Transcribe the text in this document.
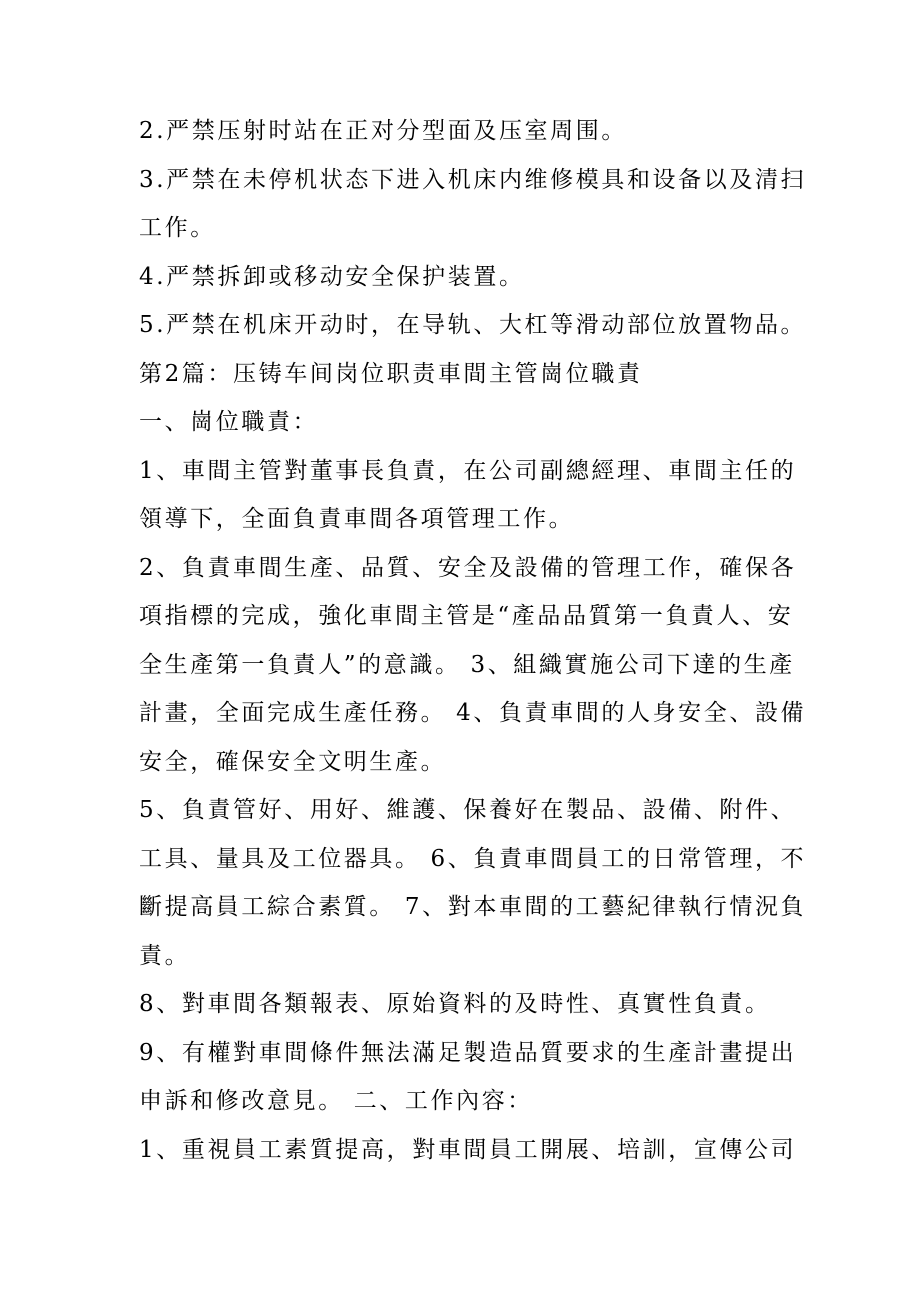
2.严禁压射时站在正对分型面及压室周围。

3.严禁在未停机状态下进入机床内维修模具和设备以及清扫工作。

4.严禁拆卸或移动安全保护装置。

5.严禁在机床开动时，在导轨、大杠等滑动部位放置物品。

第2篇：压铸车间岗位职责車間主管崗位職責

一、崗位職責：

1、車間主管對董事長負責，在公司副總經理、車間主任的領導下，全面負責車間各項管理工作。

2、負責車間生產、品質、安全及設備的管理工作，確保各項指標的完成，強化車間主管是“產品品質第一負責人、安全生產第一負責人”的意識。 3、組織實施公司下達的生產計畫，全面完成生產任務。 4、負責車間的人身安全、設備安全，確保安全文明生產。

5、負責管好、用好、維護、保養好在製品、設備、附件、工具、量具及工位器具。 6、負責車間員工的日常管理，不斷提高員工綜合素質。 7、對本車間的工藝紀律執行情況負責。

8、對車間各類報表、原始資料的及時性、真實性負責。

9、有權對車間條件無法滿足製造品質要求的生產計畫提出申訴和修改意見。 二、工作內容：

1、重視員工素質提高，對車間員工開展、培訓，宣傳公司
